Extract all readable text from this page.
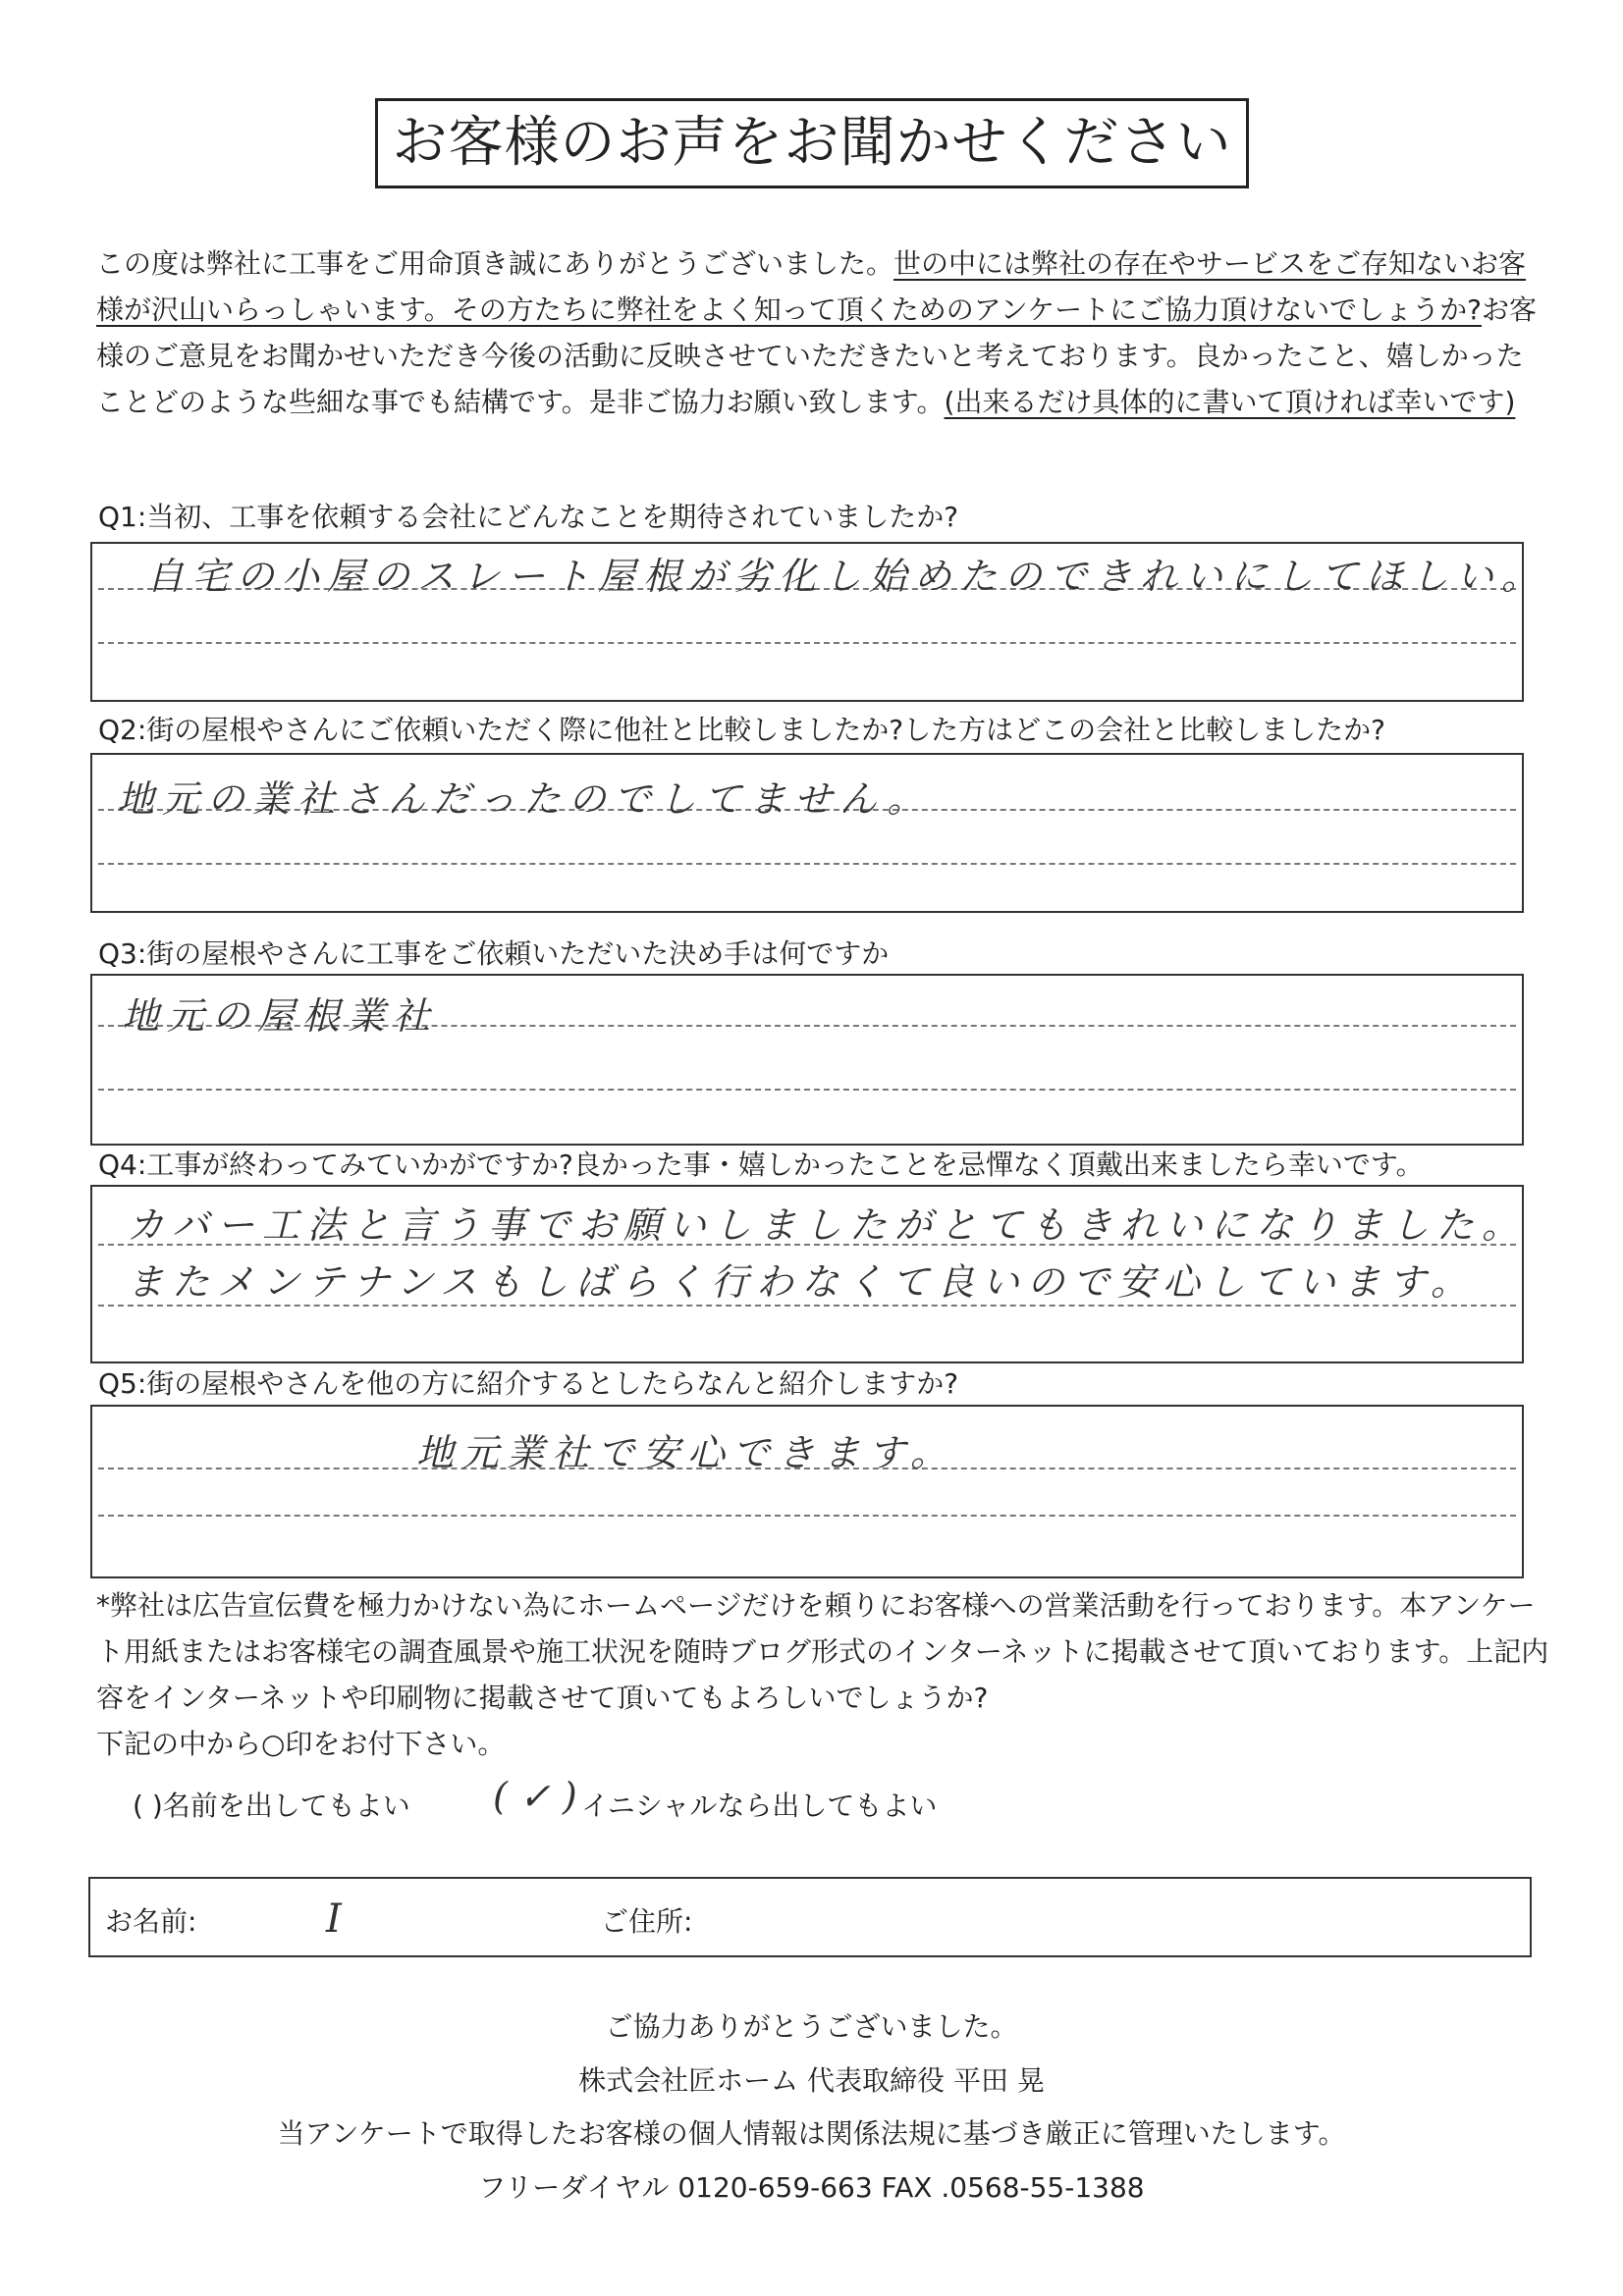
お客様のお声をお聞かせください
この度は弊社に工事をご用命頂き誠にありがとうございました。世の中には弊社の存在やサービスをご存知ないお客様が沢山いらっしゃいます。その方たちに弊社をよく知って頂くためのアンケートにご協力頂けないでしょうか?お客様のご意見をお聞かせいただき今後の活動に反映させていただきたいと考えております。良かったこと、嬉しかったことどのような些細な事でも結構です。是非ご協力お願い致します。(出来るだけ具体的に書いて頂ければ幸いです)
Q1:当初、工事を依頼する会社にどんなことを期待されていましたか?
自宅の小屋のスレート屋根が劣化し始めたのできれいにしてほしい。
Q2:街の屋根やさんにご依頼いただく際に他社と比較しましたか?した方はどこの会社と比較しましたか?
地元の業社さんだったのでしてません。
Q3:街の屋根やさんに工事をご依頼いただいた決め手は何ですか
地元の屋根業社
Q4:工事が終わってみていかがですか?良かった事・嬉しかったことを忌憚なく頂戴出来ましたら幸いです。
カバー工法と言う事でお願いしましたがとてもきれいになりました。
またメンテナンスもしばらく行わなくて良いので安心しています。
Q5:街の屋根やさんを他の方に紹介するとしたらなんと紹介しますか?
地元業社で安心できます。
*弊社は広告宣伝費を極力かけない為にホームページだけを頼りにお客様への営業活動を行っております。本アンケート用紙またはお客様宅の調査風景や施工状況を随時ブログ形式のインターネットに掲載させて頂いております。上記内容をインターネットや印刷物に掲載させて頂いてもよろしいでしょうか?
下記の中から○印をお付下さい。
( )名前を出してもよい ( ✓ ) イニシャルなら出してもよい
お名前:	I	ご住所:
ご協力ありがとうございました。
株式会社匠ホーム 代表取締役 平田 晃
当アンケートで取得したお客様の個人情報は関係法規に基づき厳正に管理いたします。
フリーダイヤル 0120-659-663 FAX .0568-55-1388
